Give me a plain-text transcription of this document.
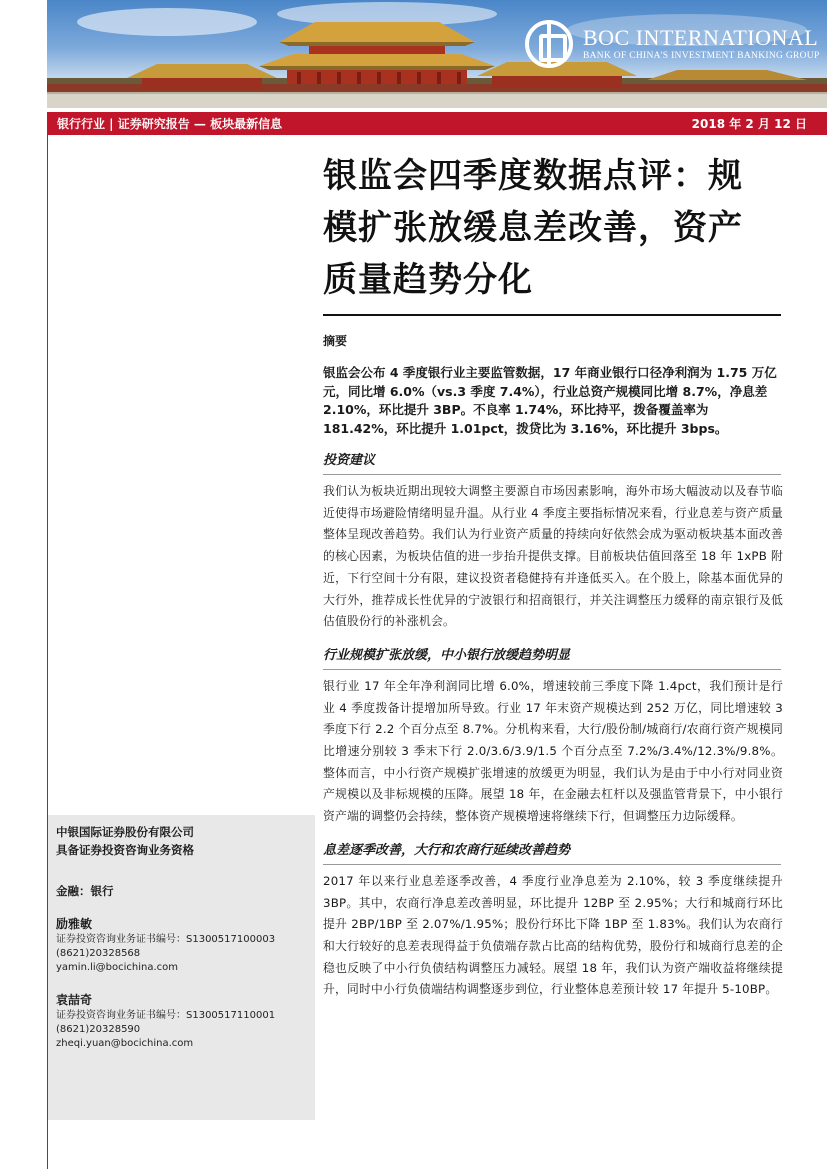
BOC INTERNATIONAL
BANK OF CHINA'S INVESTMENT BANKING GROUP
银行行业 | 证券研究报告 — 板块最新信息	2018 年 2 月 12 日
中银国际证券股份有限公司
具备证券投资咨询业务资格
金融：银行
励雅敏
证券投资咨询业务证书编号：S1300517100003
(8621)20328568
yamin.li@bocichina.com
袁喆奇
证券投资咨询业务证书编号：S1300517110001
(8621)20328590
zheqi.yuan@bocichina.com
银监会四季度数据点评：规
模扩张放缓息差改善，资产
质量趋势分化
摘要
银监会公布 4 季度银行业主要监管数据，17 年商业银行口径净利润为 1.75 万亿元，同比增 6.0%（vs.3 季度 7.4%），行业总资产规模同比增 8.7%，净息差 2.10%，环比提升 3BP。不良率 1.74%，环比持平，拨备覆盖率为 181.42%，环比提升 1.01pct，拨贷比为 3.16%，环比提升 3bps。
投资建议
我们认为板块近期出现较大调整主要源自市场因素影响，海外市场大幅波动以及春节临近使得市场避险情绪明显升温。从行业 4 季度主要指标情况来看，行业息差与资产质量整体呈现改善趋势。我们认为行业资产质量的持续向好依然会成为驱动板块基本面改善的核心因素，为板块估值的进一步抬升提供支撑。目前板块估值回落至 18 年 1xPB 附近，下行空间十分有限，建议投资者稳健持有并逢低买入。在个股上，除基本面优异的大行外，推荐成长性优异的宁波银行和招商银行，并关注调整压力缓释的南京银行及低估值股份行的补涨机会。
行业规模扩张放缓，中小银行放缓趋势明显
银行业 17 年全年净利润同比增 6.0%，增速较前三季度下降 1.4pct，我们预计是行业 4 季度拨备计提增加所导致。行业 17 年末资产规模达到 252 万亿，同比增速较 3 季度下行 2.2 个百分点至 8.7%。分机构来看，大行/股份制/城商行/农商行资产规模同比增速分别较 3 季末下行 2.0/3.6/3.9/1.5 个百分点至 7.2%/3.4%/12.3%/9.8%。整体而言，中小行资产规模扩张增速的放缓更为明显，我们认为是由于中小行对同业资产规模以及非标规模的压降。展望 18 年，在金融去杠杆以及强监管背景下，中小银行资产端的调整仍会持续，整体资产规模增速将继续下行，但调整压力边际缓释。
息差逐季改善，大行和农商行延续改善趋势
2017 年以来行业息差逐季改善，4 季度行业净息差为 2.10%，较 3 季度继续提升 3BP。其中，农商行净息差改善明显，环比提升 12BP 至 2.95%；大行和城商行环比提升 2BP/1BP 至 2.07%/1.95%；股份行环比下降 1BP 至 1.83%。我们认为农商行和大行较好的息差表现得益于负债端存款占比高的结构优势，股份行和城商行息差的企稳也反映了中小行负债结构调整压力减轻。展望 18 年，我们认为资产端收益将继续提升，同时中小行负债端结构调整逐步到位，行业整体息差预计较 17 年提升 5-10BP。
